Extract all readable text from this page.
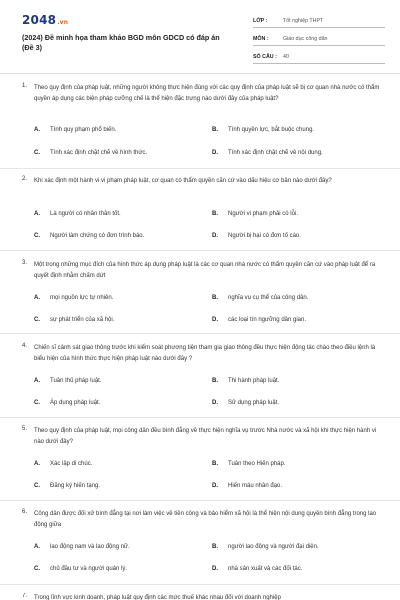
2048.vn
(2024) Đề minh họa tham khảo BGD môn GDCD có đáp án (Đề 3)
LỚP :	Tốt nghiệp THPT
MÔN :	Giáo dục công dân
SỐ CÂU :	40
1. Theo quy định của pháp luật, những người không thực hiện đúng với các quy định của pháp luật sẽ bị cơ quan nhà nước có thẩm quyền áp dụng các biện pháp cưỡng chế là thể hiện đặc trưng nào dưới đây của pháp luật?
A. Tính quy phạm phổ biến.	B. Tính quyền lực, bắt buộc chung.
C. Tính xác định chặt chẽ về hình thức.	D. Tính xác định chặt chẽ về nội dung.
2. Khi xác định một hành vi vi phạm pháp luật, cơ quan có thẩm quyền căn cứ vào dấu hiệu cơ bản nào dưới đây?
A. Là người có nhân thân tốt.	B. Người vi phạm phải có lỗi.
C. Người làm chứng có đơn trình báo.	D. Người bị hại có đơn tố cáo.
3. Một trong những mục đích của hình thức áp dụng pháp luật là các cơ quan nhà nước có thẩm quyền căn cứ vào pháp luật để ra quyết định nhằm chấm dứt
A. mọi nguồn lực tự nhiên.	B. nghĩa vụ cụ thể của công dân.
C. sự phát triển của xã hội.	D. các loại tín ngưỡng dân gian.
4. Chiến sĩ cảnh sát giao thông trước khi kiểm soát phương tiện tham gia giao thông đều thực hiện động tác chào theo điều lệnh là biểu hiện của hình thức thực hiện pháp luật nào dưới đây ?
A. Tuân thủ pháp luật.	B. Thi hành pháp luật.
C. Áp dụng pháp luật.	D. Sử dụng pháp luật.
5. Theo quy định của pháp luật, mọi công dân đều bình đẳng về thực hiện nghĩa vụ trước Nhà nước và xã hội khi thực hiện hành vi nào dưới đây?
A. Xác lập di chúc.	B. Tuân theo Hiến pháp.
C. Đăng ký hiến tạng.	D. Hiến máu nhân đạo.
6. Công dân được đối xử bình đẳng tại nơi làm việc về tiền công và bảo hiểm xã hội là thể hiện nội dung quyền bình đẳng trong lao động giữa
A. lao động nam và lao động nữ.	B. người lao động và người đại diện.
C. chủ đầu tư và người quản lý.	D. nhà sản xuất và các đối tác.
7. Trong lĩnh vực kinh doanh, pháp luật quy định các mức thuế khác nhau đối với doanh nghiệp
